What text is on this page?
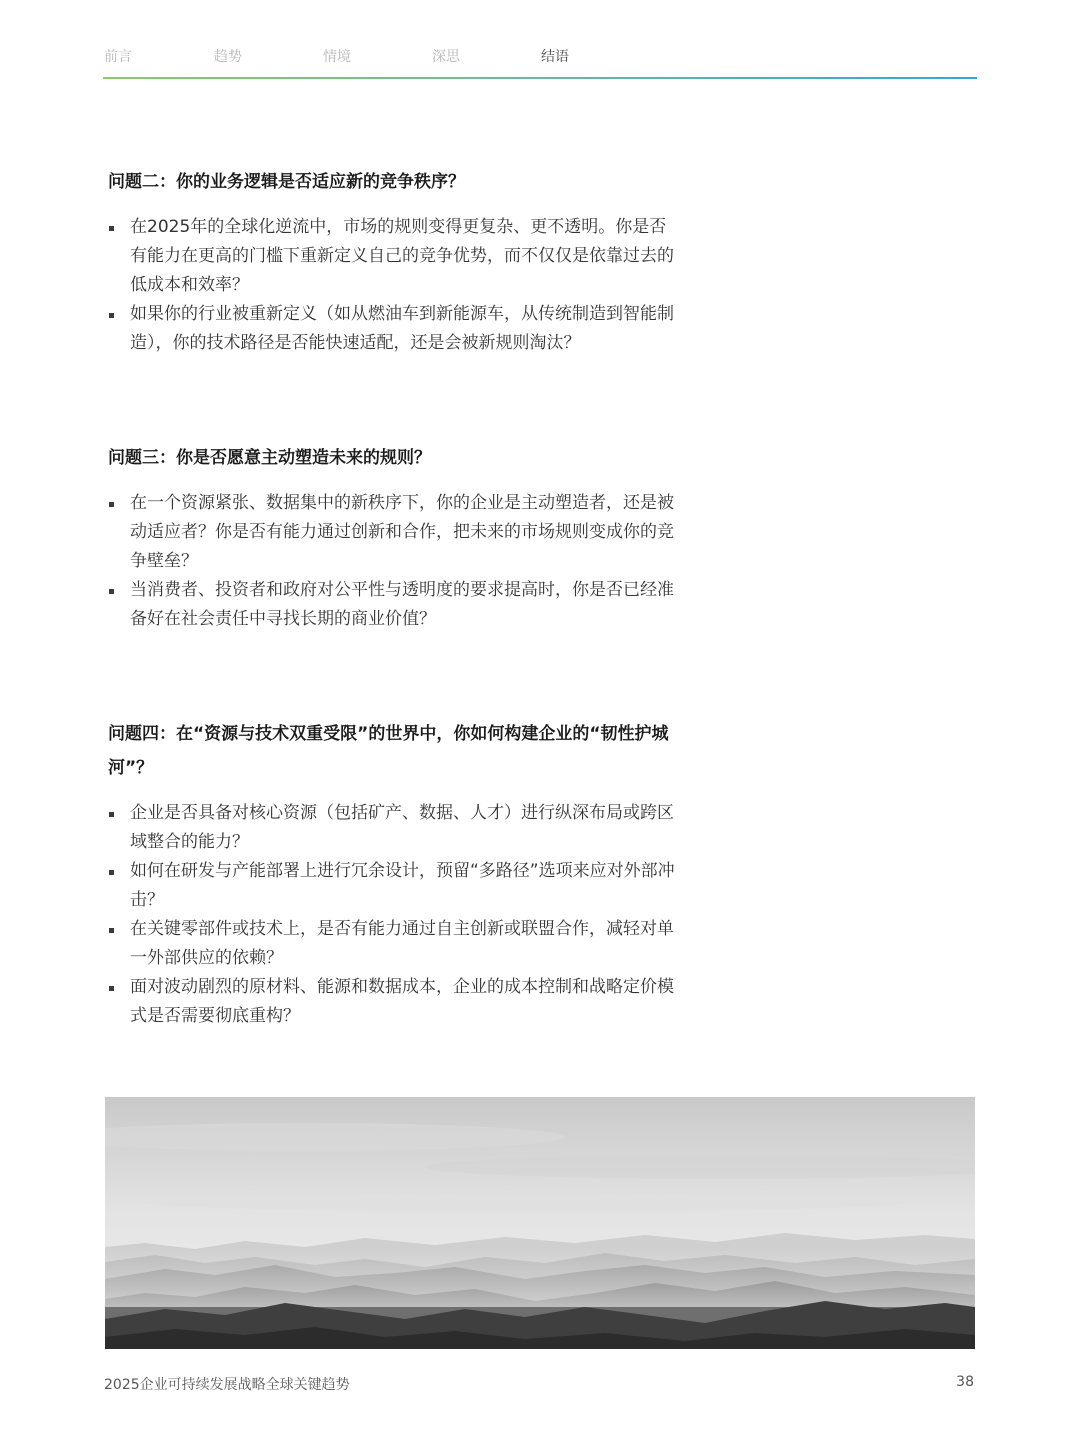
前言	趋势	情境	深思	结语
问题二：你的业务逻辑是否适应新的竞争秩序？
在2025年的全球化逆流中，市场的规则变得更复杂、更不透明。你是否有能力在更高的门槛下重新定义自己的竞争优势，而不仅仅是依靠过去的低成本和效率？
如果你的行业被重新定义（如从燃油车到新能源车，从传统制造到智能制造），你的技术路径是否能快速适配，还是会被新规则淘汰？
问题三：你是否愿意主动塑造未来的规则？
在一个资源紧张、数据集中的新秩序下，你的企业是主动塑造者，还是被动适应者？你是否有能力通过创新和合作，把未来的市场规则变成你的竞争壁垒？
当消费者、投资者和政府对公平性与透明度的要求提高时，你是否已经准备好在社会责任中寻找长期的商业价值？
问题四：在“资源与技术双重受限”的世界中，你如何构建企业的“韧性护城河”？
企业是否具备对核心资源（包括矿产、数据、人才）进行纵深布局或跨区域整合的能力？
如何在研发与产能部署上进行冗余设计，预留“多路径”选项来应对外部冲击？
在关键零部件或技术上，是否有能力通过自主创新或联盟合作，减轻对单一外部供应的依赖？
面对波动剧烈的原材料、能源和数据成本，企业的成本控制和战略定价模式是否需要彻底重构？
2025企业可持续发展战略全球关键趋势	38
